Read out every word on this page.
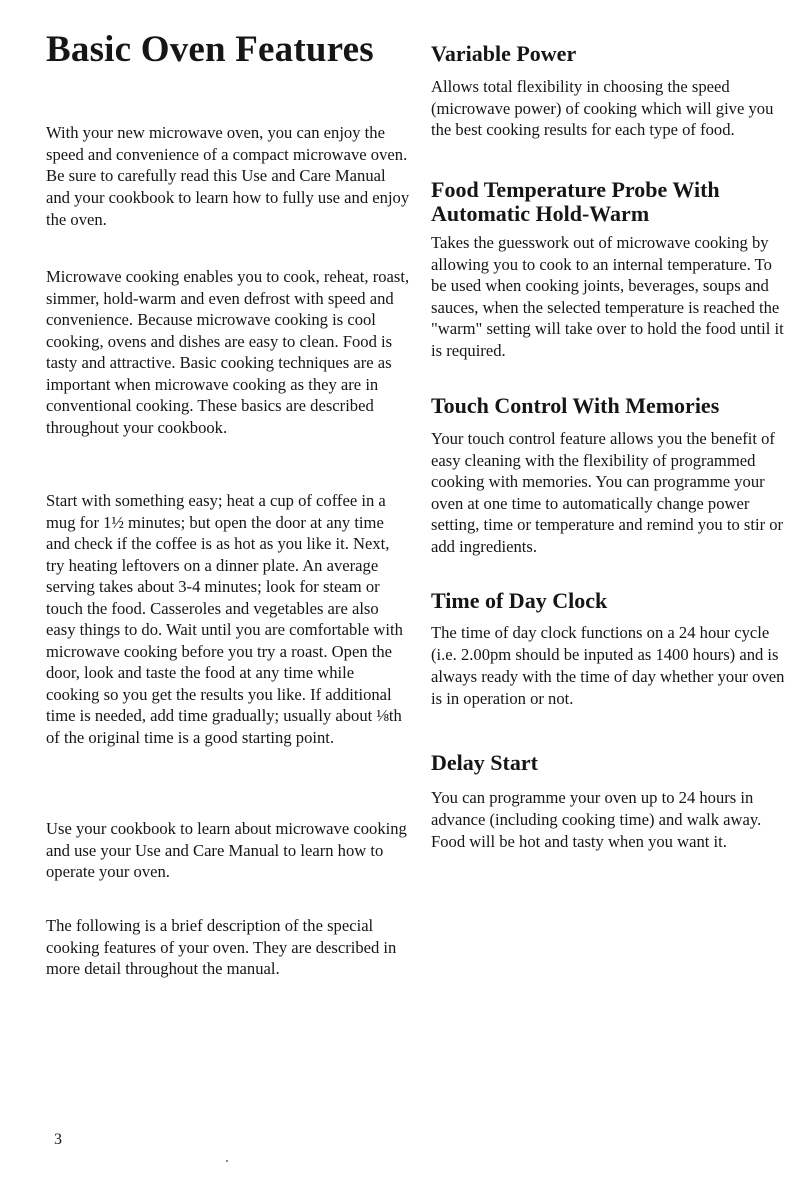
Basic Oven Features

With your new microwave oven, you can enjoy the speed and convenience of a compact microwave oven. Be sure to carefully read this Use and Care Manual and your cookbook to learn how to fully use and enjoy the oven.

Microwave cooking enables you to cook, reheat, roast, simmer, hold-warm and even defrost with speed and convenience. Because microwave cooking is cool cooking, ovens and dishes are easy to clean. Food is tasty and attractive. Basic cooking techniques are as important when microwave cooking as they are in conventional cooking. These basics are described throughout your cookbook.

Start with something easy; heat a cup of coffee in a mug for 1½ minutes; but open the door at any time and check if the coffee is as hot as you like it. Next, try heating leftovers on a dinner plate. An average serving takes about 3-4 minutes; look for steam or touch the food. Casseroles and vegetables are also easy things to do. Wait until you are comfortable with microwave cooking before you try a roast. Open the door, look and taste the food at any time while cooking so you get the results you like. If additional time is needed, add time gradually; usually about ⅛th of the original time is a good starting point.

Use your cookbook to learn about microwave cooking and use your Use and Care Manual to learn how to operate your oven.

The following is a brief description of the special cooking features of your oven. They are described in more detail throughout the manual.

Variable Power

Allows total flexibility in choosing the speed (microwave power) of cooking which will give you the best cooking results for each type of food.

Food Temperature Probe With Automatic Hold-Warm

Takes the guesswork out of microwave cooking by allowing you to cook to an internal temperature. To be used when cooking joints, beverages, soups and sauces, when the selected temperature is reached the "warm" setting will take over to hold the food until it is required.

Touch Control With Memories

Your touch control feature allows you the benefit of easy cleaning with the flexibility of programmed cooking with memories. You can programme your oven at one time to automatically change power setting, time or temperature and remind you to stir or add ingredients.

Time of Day Clock

The time of day clock functions on a 24 hour cycle (i.e. 2.00pm should be inputed as 1400 hours) and is always ready with the time of day whether your oven is in operation or not.

Delay Start

You can programme your oven up to 24 hours in advance (including cooking time) and walk away. Food will be hot and tasty when you want it.

3
